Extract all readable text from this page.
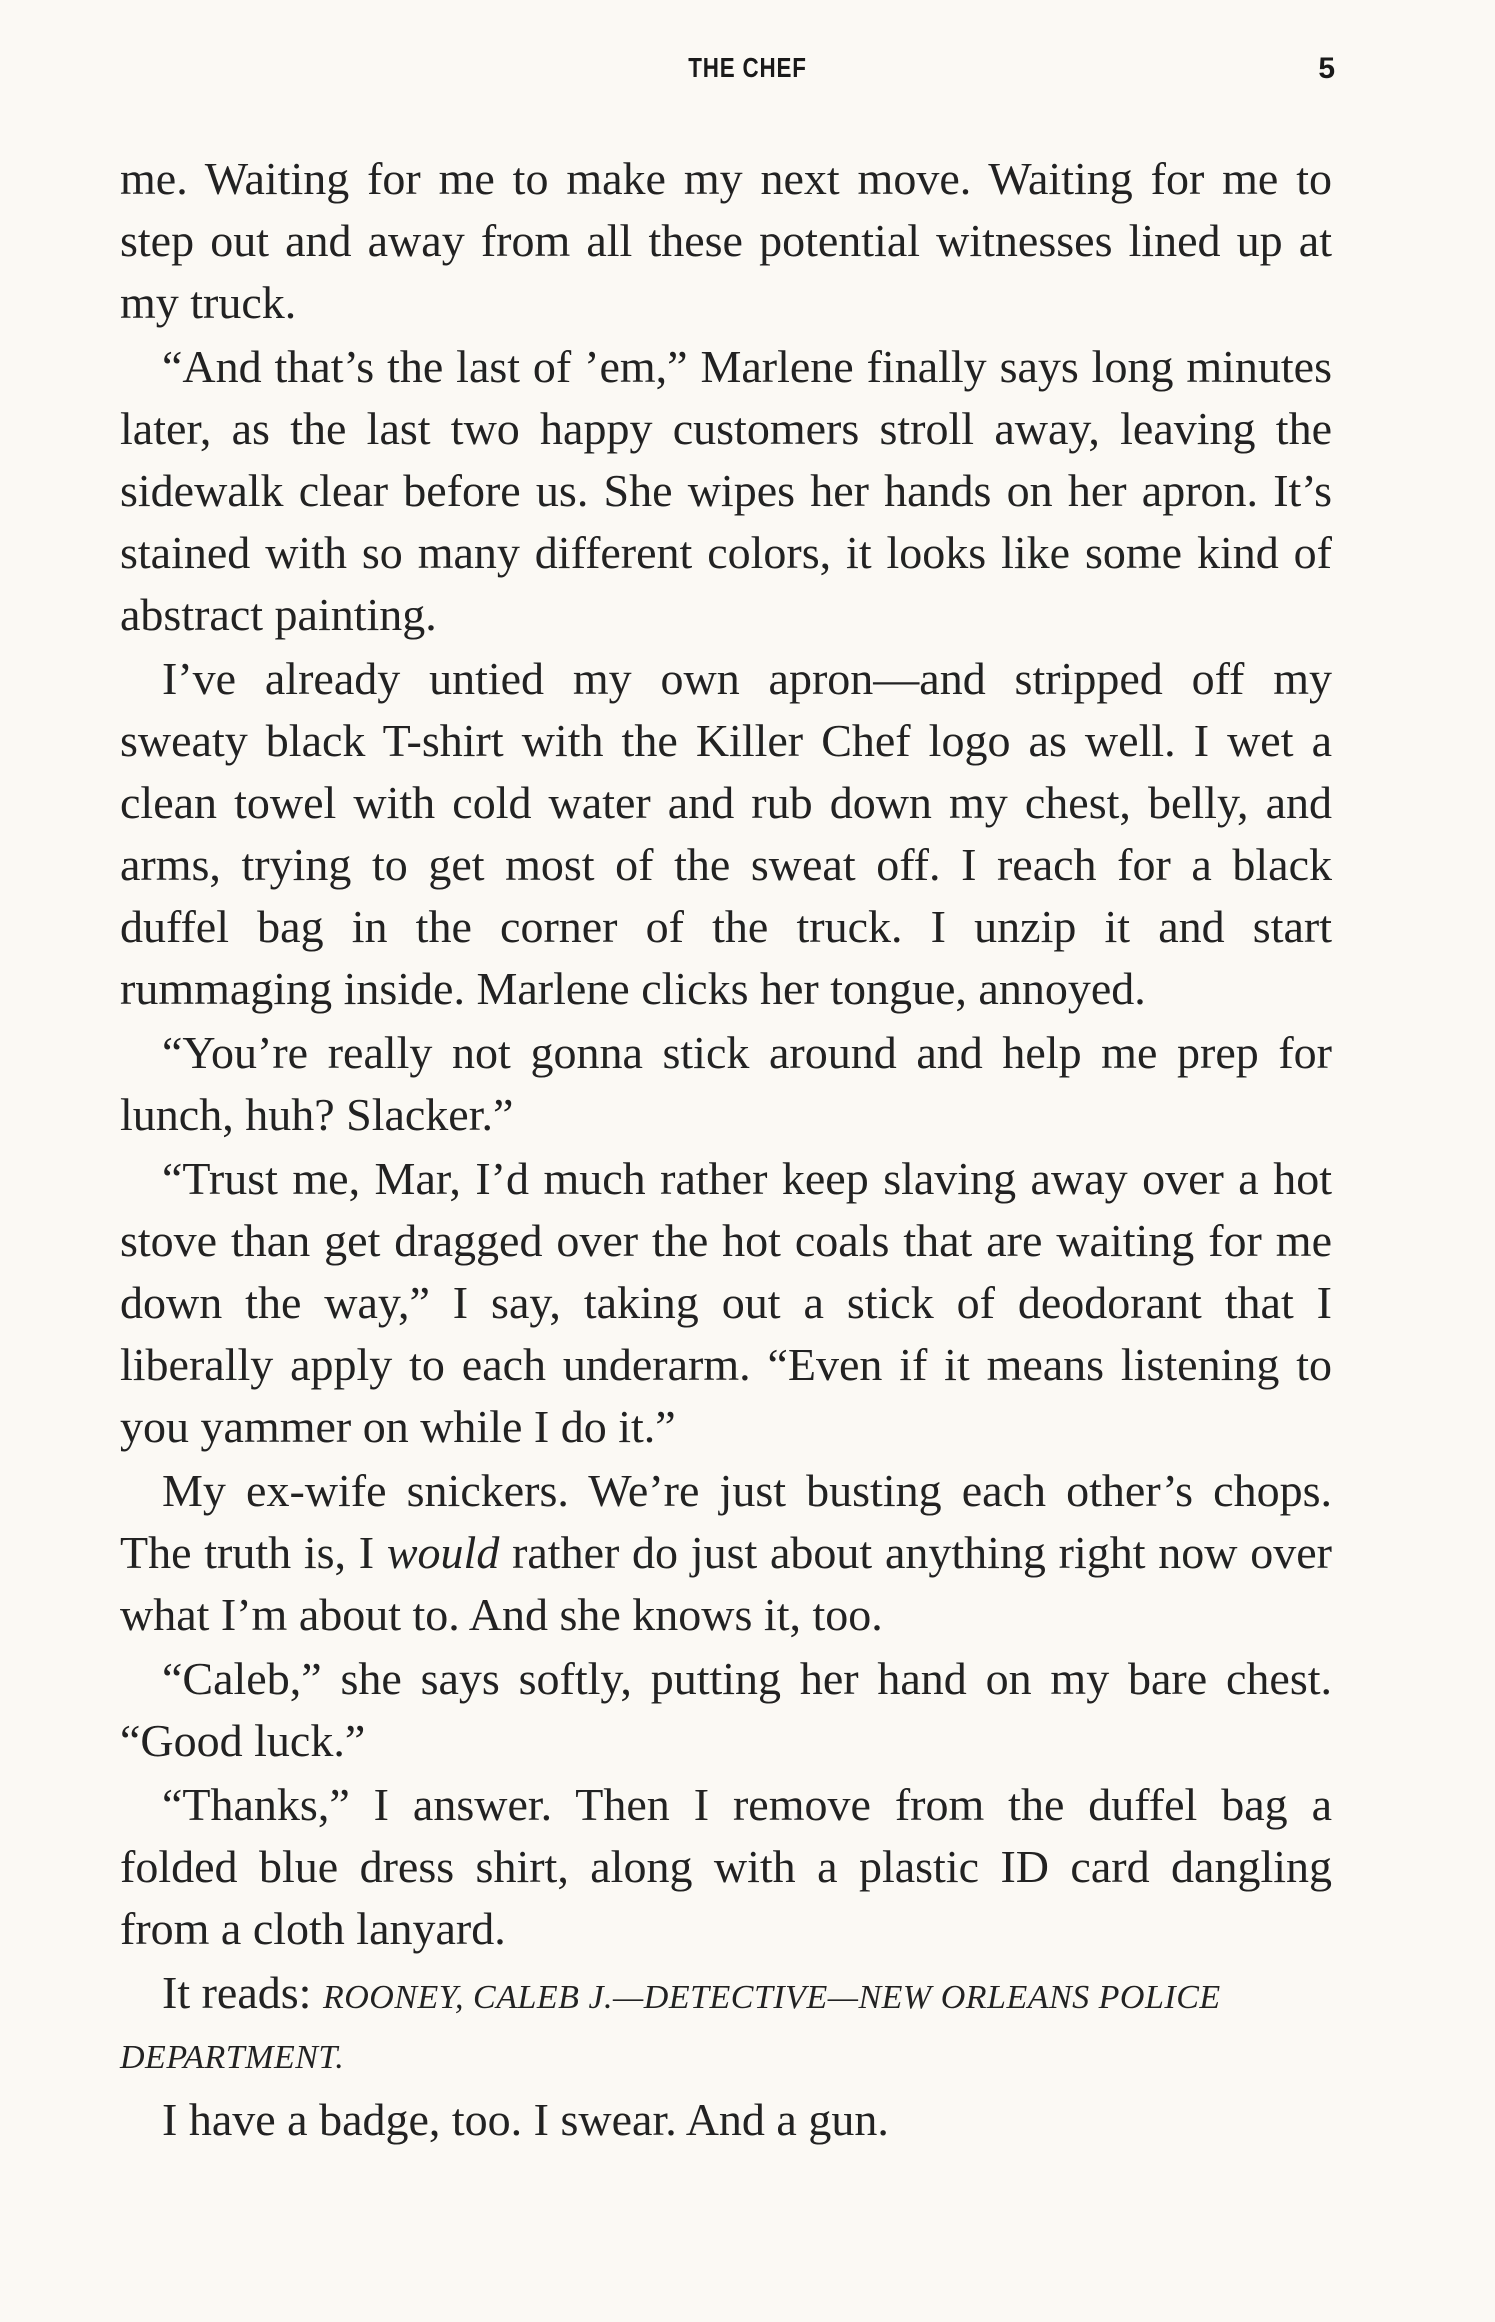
THE CHEF	5

me. Waiting for me to make my next move. Waiting for me to step out and away from all these potential witnesses lined up at my truck.

“And that’s the last of ’em,” Marlene finally says long minutes later, as the last two happy customers stroll away, leaving the sidewalk clear before us. She wipes her hands on her apron. It’s stained with so many different colors, it looks like some kind of abstract painting.

I’ve already untied my own apron—and stripped off my sweaty black T-shirt with the Killer Chef logo as well. I wet a clean towel with cold water and rub down my chest, belly, and arms, trying to get most of the sweat off. I reach for a black duffel bag in the corner of the truck. I unzip it and start rummaging inside. Marlene clicks her tongue, annoyed.

“You’re really not gonna stick around and help me prep for lunch, huh? Slacker.”

“Trust me, Mar, I’d much rather keep slaving away over a hot stove than get dragged over the hot coals that are waiting for me down the way,” I say, taking out a stick of deodorant that I liberally apply to each underarm. “Even if it means listening to you yammer on while I do it.”

My ex-wife snickers. We’re just busting each other’s chops. The truth is, I would rather do just about anything right now over what I’m about to. And she knows it, too.

“Caleb,” she says softly, putting her hand on my bare chest. “Good luck.”

“Thanks,” I answer. Then I remove from the duffel bag a folded blue dress shirt, along with a plastic ID card dangling from a cloth lanyard.

It reads: ROONEY, CALEB J.—DETECTIVE—NEW ORLEANS POLICE
DEPARTMENT.

I have a badge, too. I swear. And a gun.
